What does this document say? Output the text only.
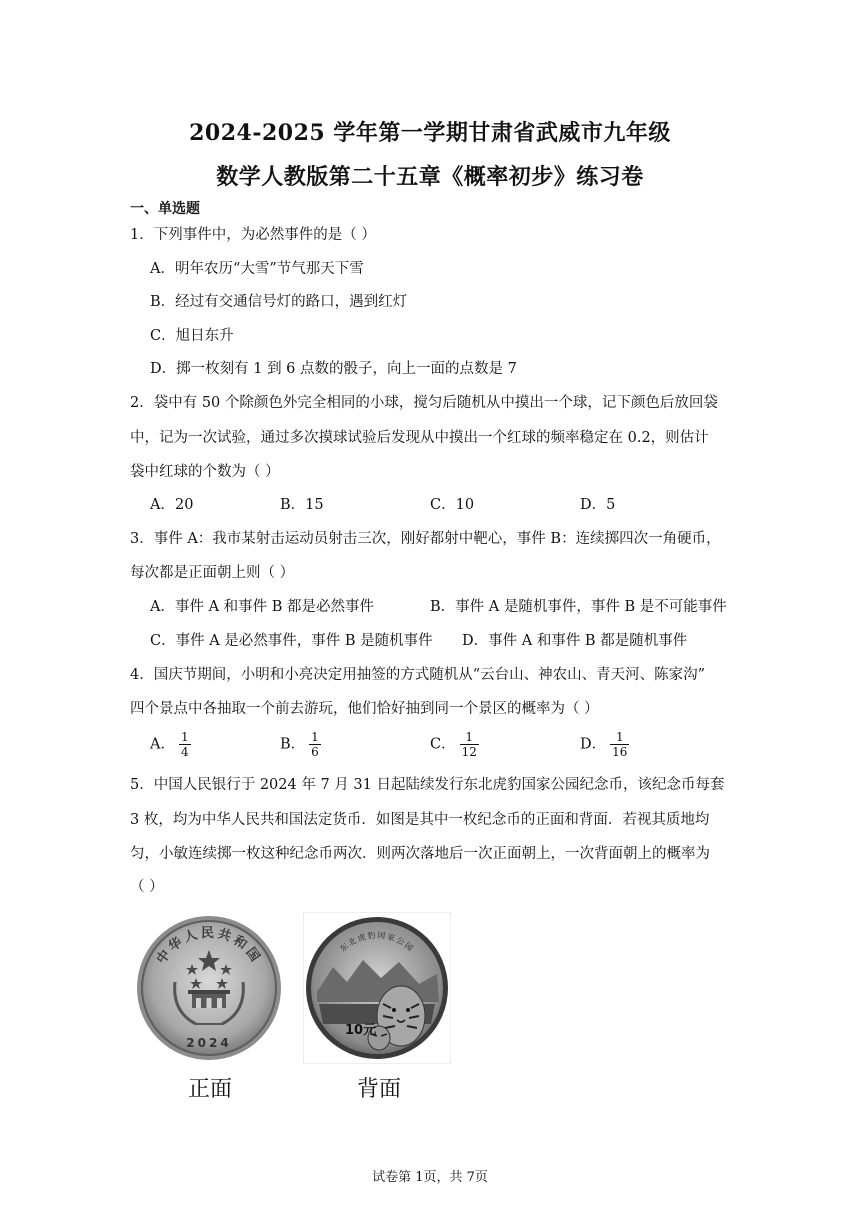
2024-2025 学年第一学期甘肃省武威市九年级
数学人教版第二十五章《概率初步》练习卷
一、单选题
1．下列事件中，为必然事件的是（ ）
A．明年农历“大雪”节气那天下雪
B．经过有交通信号灯的路口，遇到红灯
C．旭日东升
D．掷一枚刻有 1 到 6 点数的骰子，向上一面的点数是 7
2．袋中有 50 个除颜色外完全相同的小球，搅匀后随机从中摸出一个球，记下颜色后放回袋
中，记为一次试验，通过多次摸球试验后发现从中摸出一个红球的频率稳定在 0.2，则估计
袋中红球的个数为（ ）
A．20	B．15	C．10	D．5
3．事件 A：我市某射击运动员射击三次，刚好都射中靶心，事件 B：连续掷四次一角硬币，
每次都是正面朝上则（ ）
A．事件 A 和事件 B 都是必然事件	B．事件 A 是随机事件，事件 B 是不可能事件
C．事件 A 是必然事件，事件 B 是随机事件 D．事件 A 和事件 B 都是随机事件
4．国庆节期间，小明和小亮决定用抽签的方式随机从“云台山、神农山、青天河、陈家沟”
四个景点中各抽取一个前去游玩，他们恰好抽到同一个景区的概率为（ ）
A． $\frac{1}{4}$	B． $\frac{1}{6}$	C． $\frac{1}{12}$	D． $\frac{1}{16}$
5．中国人民银行于 2024 年 7 月 31 日起陆续发行东北虎豹国家公园纪念币，该纪念币每套
3 枚，均为中华人民共和国法定货币．如图是其中一枚纪念币的正面和背面．若视其质地均
匀，小敏连续掷一枚这种纪念币两次．则两次落地后一次正面朝上，一次背面朝上的概率为
（ ）
中华人民共和国
2024
东北虎豹国家公园
10元
正面	背面
试卷第 1页，共 7页
